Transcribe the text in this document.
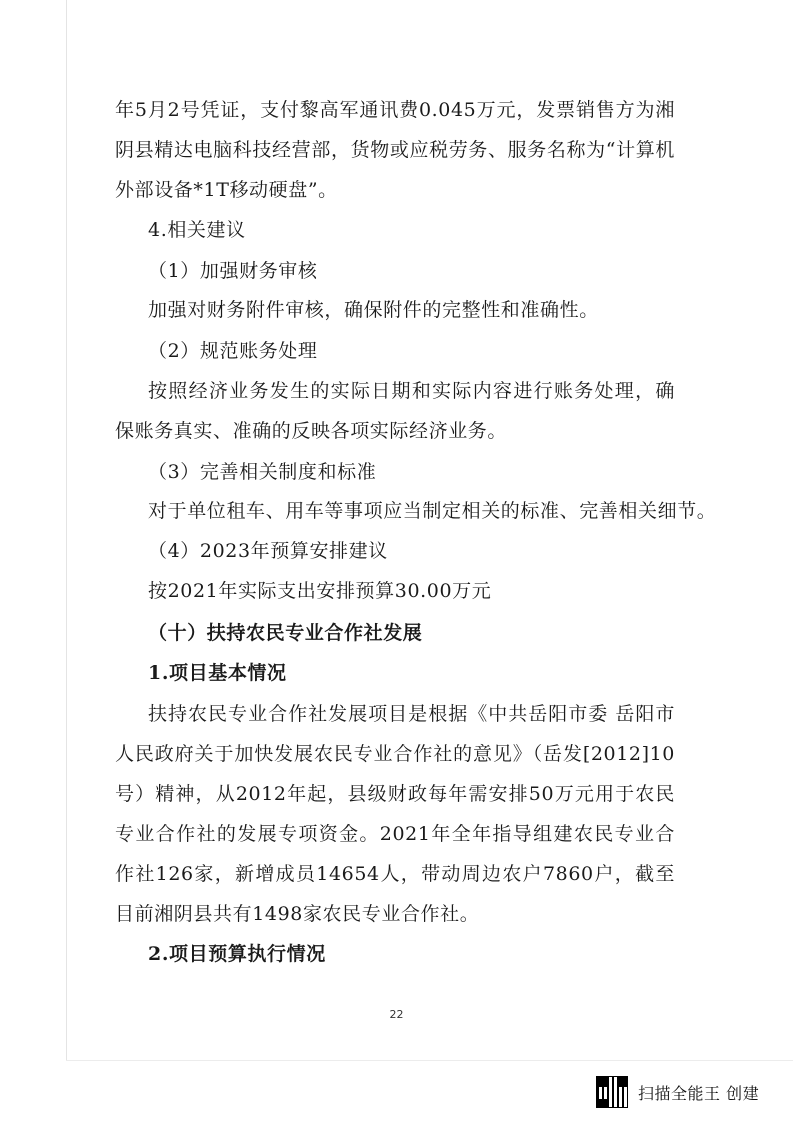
年5月2号凭证，支付黎高军通讯费0.045万元，发票销售方为湘阴县精达电脑科技经营部，货物或应税劳务、服务名称为“计算机外部设备*1T移动硬盘”。

4.相关建议

（1）加强财务审核

加强对财务附件审核，确保附件的完整性和准确性。

（2）规范账务处理

按照经济业务发生的实际日期和实际内容进行账务处理，确保账务真实、准确的反映各项实际经济业务。

（3）完善相关制度和标准

对于单位租车、用车等事项应当制定相关的标准、完善相关细节。

（4）2023年预算安排建议

按2021年实际支出安排预算30.00万元

（十）扶持农民专业合作社发展

1.项目基本情况

扶持农民专业合作社发展项目是根据《中共岳阳市委 岳阳市人民政府关于加快发展农民专业合作社的意见》（岳发[2012]10号）精神，从2012年起，县级财政每年需安排50万元用于农民专业合作社的发展专项资金。2021年全年指导组建农民专业合作社126家，新增成员14654人，带动周边农户7860户，截至目前湘阴县共有1498家农民专业合作社。

2.项目预算执行情况

22
扫描全能王 创建
